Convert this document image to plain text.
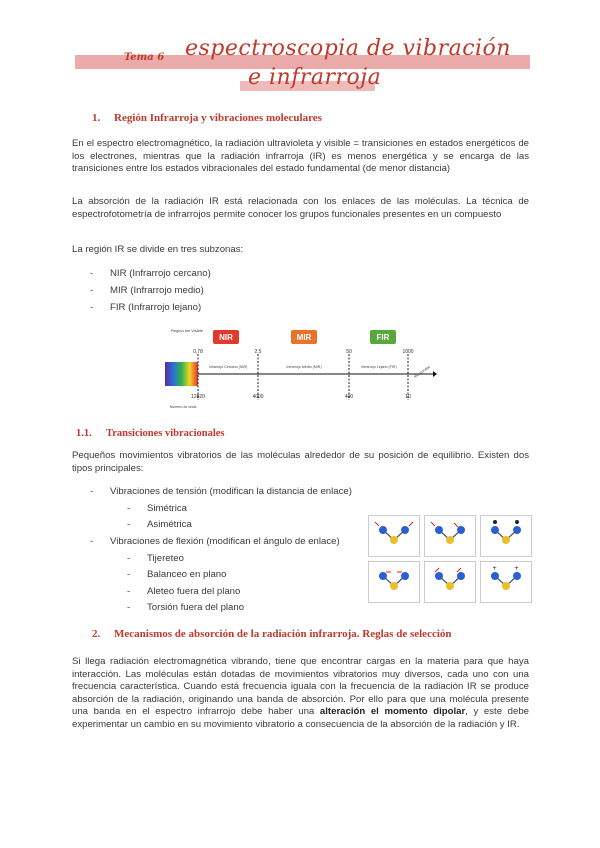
Tema 6 espectroscopia de vibración
e infrarroja
1. Región Infrarroja y vibraciones moleculares
En el espectro electromagnético, la radiación ultravioleta y visible = transiciones en estados energéticos de los electrones, mientras que la radiación infrarroja (IR) es menos energética y se encarga de las transiciones entre los estados vibracionales del estado fundamental (de menor distancia)
La absorción de la radiación IR está relacionada con los enlaces de las moléculas. La técnica de espectrofotometría de infrarrojos permite conocer los grupos funcionales presentes en un compuesto
La región IR se divide en tres subzonas:
- NIR (Infrarrojo cercano)
- MIR (Infrarrojo medio)
- FIR (Infrarrojo lejano)
Región del Visible
NIR	MIR	FIR
0,78	2,5	50	1000
Infrarrojo Cercano (NIR)	Infrarrojo Medio (MIR)	Infrarrojo Lejano (FIR)	Microondas
12820	4000	400	10
Número de onda
1.1. Transiciones vibracionales
Pequeños movimientos vibratorios de las moléculas alrededor de su posición de equilibrio. Existen dos tipos principales:
- Vibraciones de tensión (modifican la distancia de enlace)
- Simétrica
- Asimétrica
- Vibraciones de flexión (modifican el ángulo de enlace)
- Tijereteo
- Balanceo en plano
- Aleteo fuera del plano
- Torsión fuera del plano
+	+
2. Mecanismos de absorción de la radiación infrarroja. Reglas de selección
Si llega radiación electromagnética vibrando, tiene que encontrar cargas en la materia para que haya interacción. Las moléculas están dotadas de movimientos vibratorios muy diversos, cada uno con una frecuencia característica. Cuando está frecuencia iguala con la frecuencia de la radiación IR se produce absorción de la radiación, originando una banda de absorción. Por ello para que una molécula presente una banda en el espectro infrarrojo debe haber una alteración el momento dipolar, y este debe experimentar un cambio en su movimiento vibratorio a consecuencia de la absorción de la radiación y IR.
